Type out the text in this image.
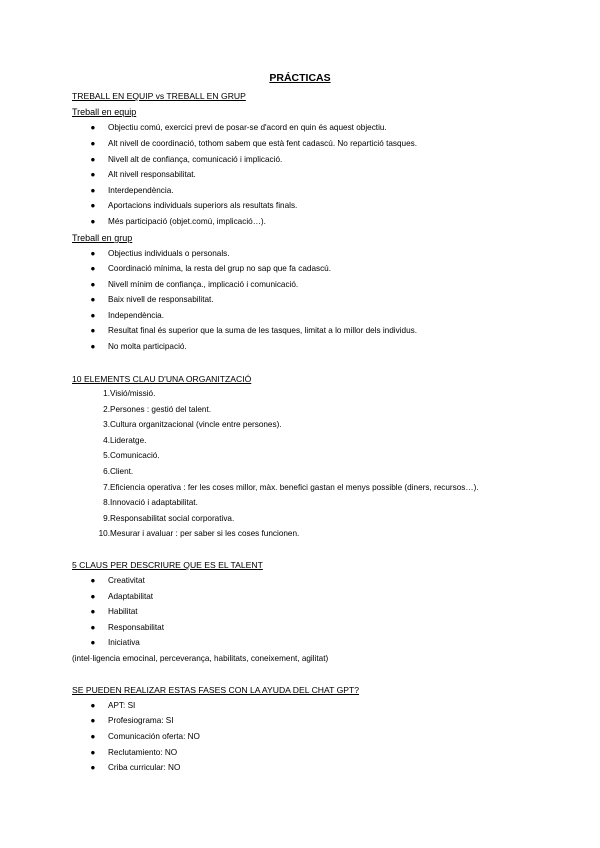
PRÁCTICAS
TREBALL EN EQUIP vs TREBALL EN GRUP
Treball en equip
● Objectiu comú, exercici previ de posar-se d'acord en quin és aquest objectiu.
● Alt nivell de coordinació, tothom sabem que està fent cadascú. No repartició tasques.
● Nivell alt de confiança, comunicació i implicació.
● Alt nivell responsabilitat.
● Interdependència.
● Aportacions individuals superiors als resultats finals.
● Més participació (objet.comú, implicació…).
Treball en grup
● Objectius individuals o personals.
● Coordinació mínima, la resta del grup no sap que fa cadascú.
● Nivell mínim de confiança., implicació i comunicació.
● Baix nivell de responsabilitat.
● Independència.
● Resultat final és superior que la suma de les tasques, limitat a lo millor dels individus.
● No molta participació.
10 ELEMENTS CLAU D'UNA ORGANITZACIÓ
1. Visió/missió.
2. Persones : gestió del talent.
3. Cultura organitzacional (vincle entre persones).
4. Lideratge.
5. Comunicació.
6. Client.
7. Eficiencia operativa : fer les coses millor, màx. benefici gastan el menys possible (diners, recursos…).
8. Innovació i adaptabilitat.
9. Responsabilitat social corporativa.
10. Mesurar i avaluar : per saber si les coses funcionen.
5 CLAUS PER DESCRIURE QUE ES EL TALENT
● Creativitat
● Adaptabilitat
● Habilitat
● Responsabilitat
● Iniciativa
(intel·ligencia emocinal, perceverança, habilitats, coneixement, agilitat)
SE PUEDEN REALIZAR ESTAS FASES CON LA AYUDA DEL CHAT GPT?
● APT: SI
● Profesiograma: SI
● Comunicación oferta: NO
● Reclutamiento: NO
● Criba curricular: NO
